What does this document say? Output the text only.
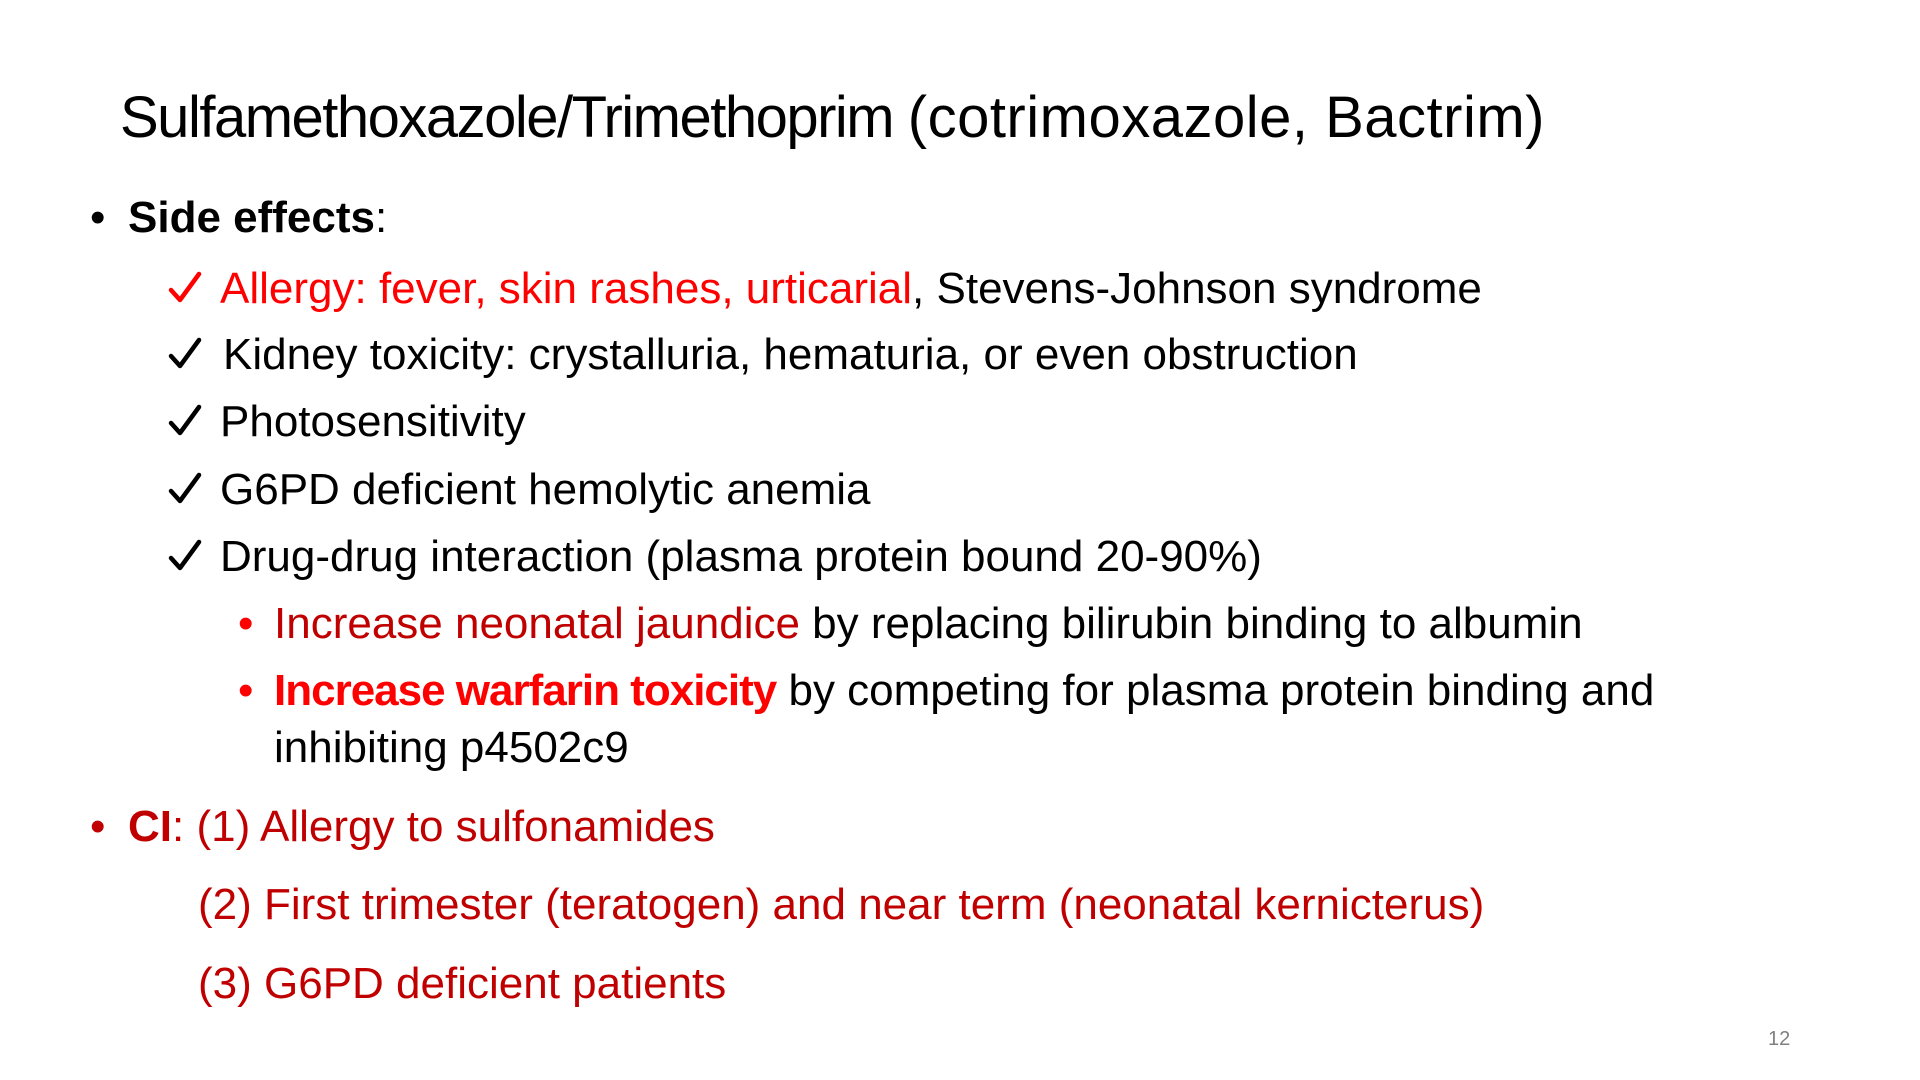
Sulfamethoxazole/Trimethoprim (cotrimoxazole, Bactrim)
• Side effects:
Allergy: fever, skin rashes, urticarial, Stevens-Johnson syndrome
Kidney toxicity: crystalluria, hematuria, or even obstruction
Photosensitivity
G6PD deficient hemolytic anemia
Drug-drug interaction (plasma protein bound 20-90%)
• Increase neonatal jaundice by replacing bilirubin binding to albumin
• Increase warfarin toxicity by competing for plasma protein binding and
inhibiting p4502c9
• CI: (1) Allergy to sulfonamides
(2) First trimester (teratogen) and near term (neonatal kernicterus)
(3) G6PD deficient patients
12
